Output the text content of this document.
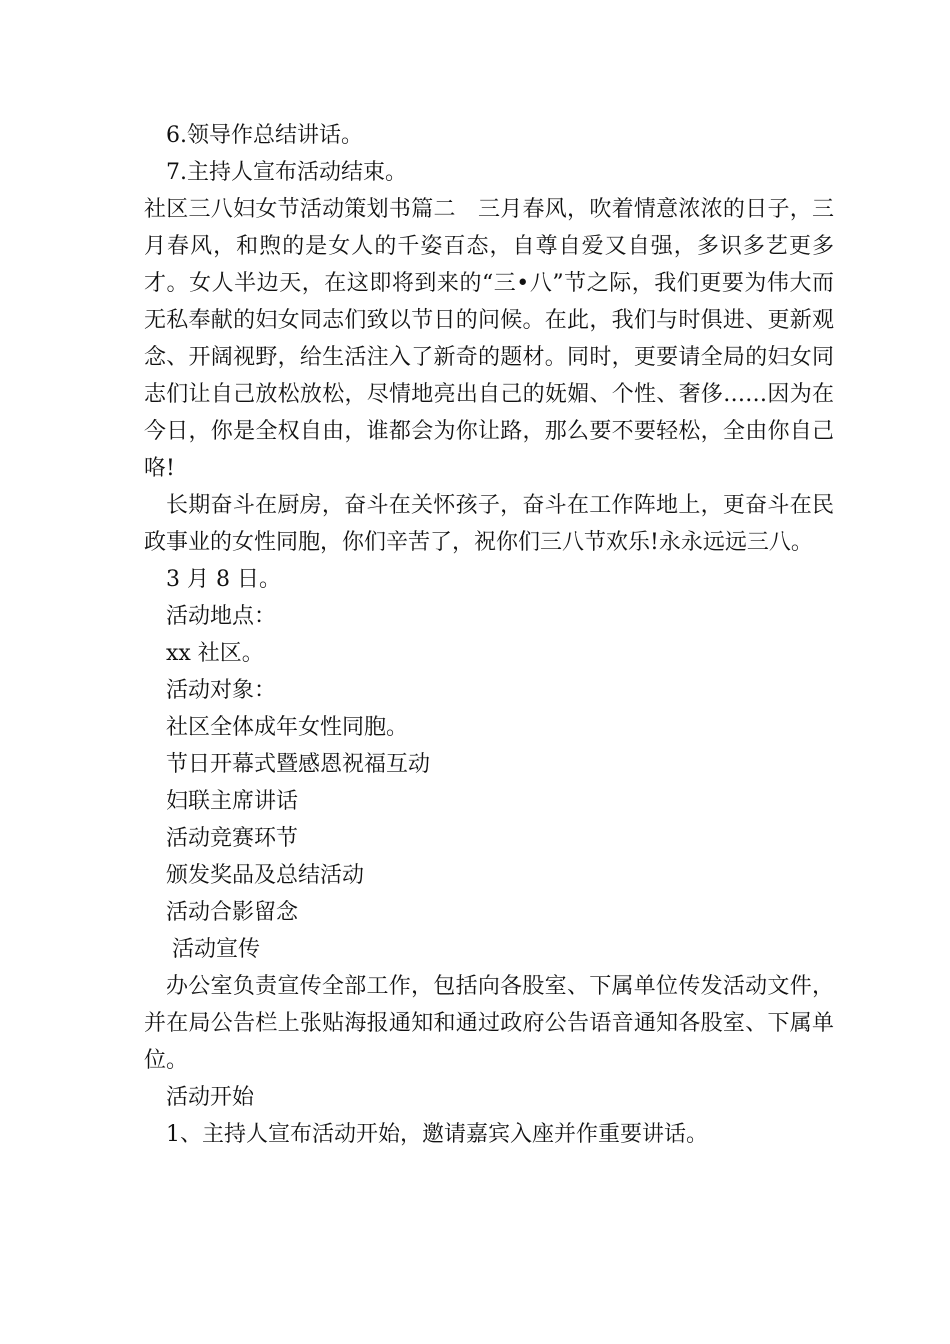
6.领导作总结讲话。
7.主持人宣布活动结束。

社区三八妇女节活动策划书篇二　三月春风，吹着情意浓浓的日子，三月春风，和煦的是女人的千姿百态，自尊自爱又自强，多识多艺更多才。女人半边天，在这即将到来的“三•八”节之际，我们更要为伟大而无私奉献的妇女同志们致以节日的问候。在此，我们与时俱进、更新观念、开阔视野，给生活注入了新奇的题材。同时，更要请全局的妇女同志们让自己放松放松，尽情地亮出自己的妩媚、个性、奢侈……因为在今日，你是全权自由，谁都会为你让路，那么要不要轻松，全由你自己咯!

长期奋斗在厨房，奋斗在关怀孩子，奋斗在工作阵地上，更奋斗在民政事业的女性同胞，你们辛苦了，祝你们三八节欢乐!永永远远三八。

3 月 8 日。
活动地点：
xx 社区。
活动对象：
社区全体成年女性同胞。
节日开幕式暨感恩祝福互动
妇联主席讲话
活动竞赛环节
颁发奖品及总结活动
活动合影留念
活动宣传

办公室负责宣传全部工作，包括向各股室、下属单位传发活动文件，并在局公告栏上张贴海报通知和通过政府公告语音通知各股室、下属单位。

活动开始
1、主持人宣布活动开始，邀请嘉宾入座并作重要讲话。
